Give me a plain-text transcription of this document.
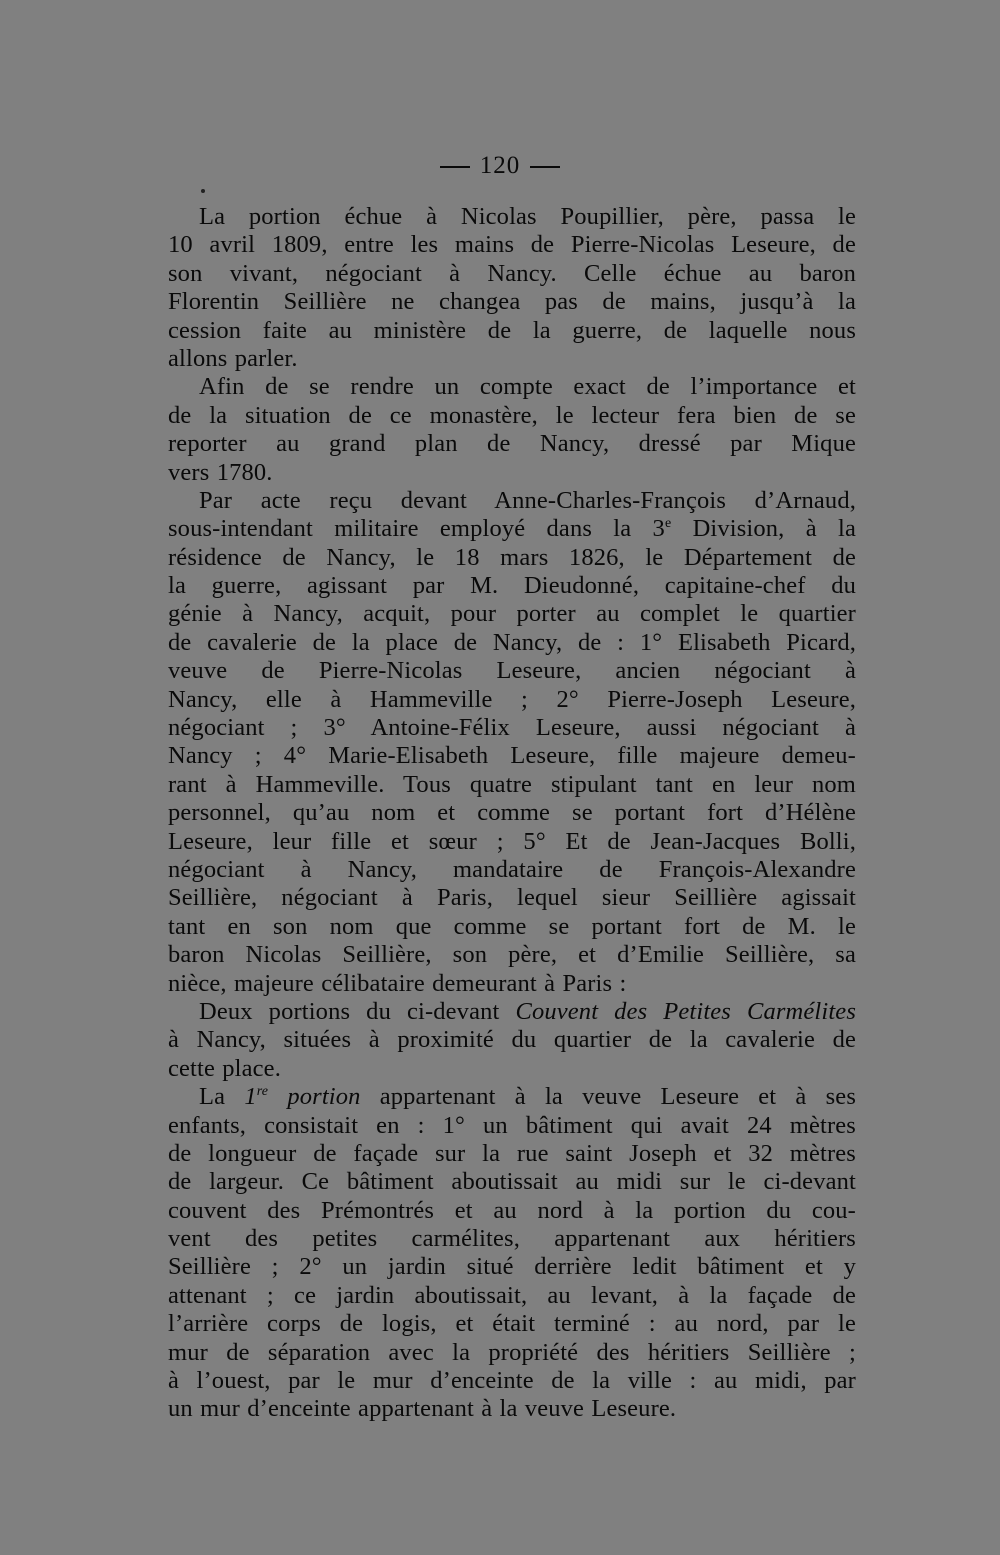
120
La portion échue à Nicolas Poupillier, père, passa le
10 avril 1809, entre les mains de Pierre-Nicolas Leseure, de
son vivant, négociant à Nancy. Celle échue au baron
Florentin Seillière ne changea pas de mains, jusqu’à la
cession faite au ministère de la guerre, de laquelle nous
allons parler.
Afin de se rendre un compte exact de l’importance et
de la situation de ce monastère, le lecteur fera bien de se
reporter au grand plan de Nancy, dressé par Mique
vers 1780.
Par acte reçu devant Anne-Charles-François d’Arnaud,
sous-intendant militaire employé dans la 3e Division, à la
résidence de Nancy, le 18 mars 1826, le Département de
la guerre, agissant par M. Dieudonné, capitaine-chef du
génie à Nancy, acquit, pour porter au complet le quartier
de cavalerie de la place de Nancy, de : 1° Elisabeth Picard,
veuve de Pierre-Nicolas Leseure, ancien négociant à
Nancy, elle à Hammeville ; 2° Pierre-Joseph Leseure,
négociant ; 3° Antoine-Félix Leseure, aussi négociant à
Nancy ; 4° Marie-Elisabeth Leseure, fille majeure demeu-
rant à Hammeville. Tous quatre stipulant tant en leur nom
personnel, qu’au nom et comme se portant fort d’Hélène
Leseure, leur fille et sœur ; 5° Et de Jean-Jacques Bolli,
négociant à Nancy, mandataire de François-Alexandre
Seillière, négociant à Paris, lequel sieur Seillière agissait
tant en son nom que comme se portant fort de M. le
baron Nicolas Seillière, son père, et d’Emilie Seillière, sa
nièce, majeure célibataire demeurant à Paris :
Deux portions du ci-devant Couvent des Petites Carmélites
à Nancy, situées à proximité du quartier de la cavalerie de
cette place.
La 1re portion appartenant à la veuve Leseure et à ses
enfants, consistait en : 1° un bâtiment qui avait 24 mètres
de longueur de façade sur la rue saint Joseph et 32 mètres
de largeur. Ce bâtiment aboutissait au midi sur le ci-devant
couvent des Prémontrés et au nord à la portion du cou-
vent des petites carmélites, appartenant aux héritiers
Seillière ; 2° un jardin situé derrière ledit bâtiment et y
attenant ; ce jardin aboutissait, au levant, à la façade de
l’arrière corps de logis, et était terminé : au nord, par le
mur de séparation avec la propriété des héritiers Seillière ;
à l’ouest, par le mur d’enceinte de la ville : au midi, par
un mur d’enceinte appartenant à la veuve Leseure.
